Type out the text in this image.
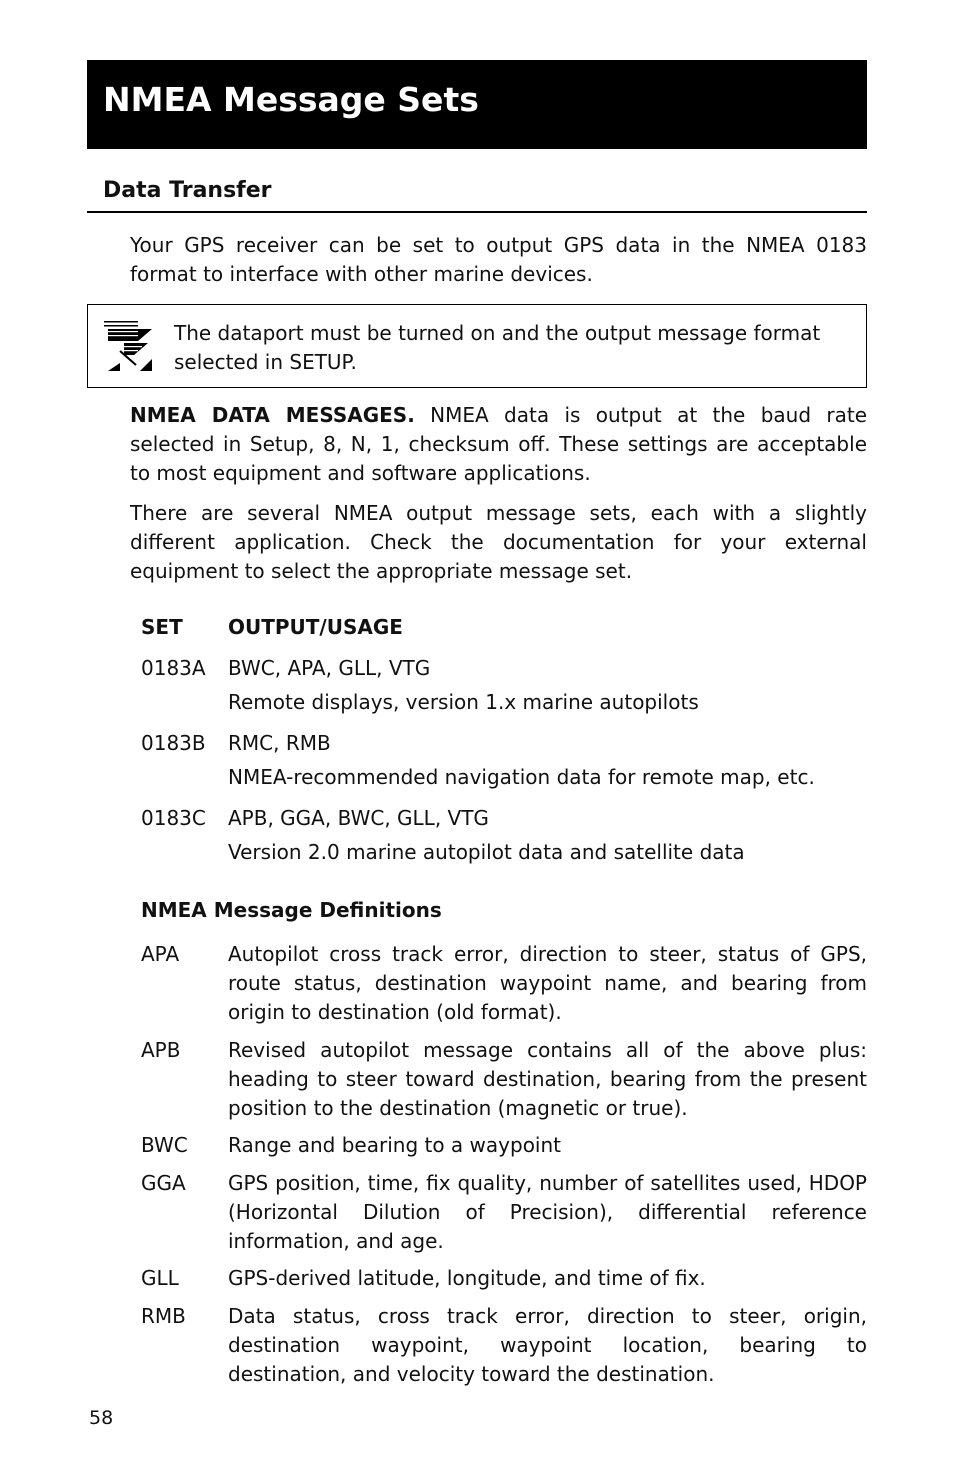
NMEA Message Sets
Data Transfer

Your GPS receiver can be set to output GPS data in the NMEA 0183 format to interface with other marine devices.

The dataport must be turned on and the output message format selected in SETUP.

NMEA DATA MESSAGES. NMEA data is output at the baud rate selected in Setup, 8, N, 1, checksum off. These settings are acceptable to most equipment and software applications.

There are several NMEA output message sets, each with a slightly different application. Check the documentation for your external equipment to select the appropriate message set.

SET OUTPUT/USAGE
0183A BWC, APA, GLL, VTG
Remote displays, version 1.x marine autopilots
0183B RMC, RMB
NMEA-recommended navigation data for remote map, etc.
0183C APB, GGA, BWC, GLL, VTG
Version 2.0 marine autopilot data and satellite data
NMEA Message Definitions
APA Autopilot cross track error, direction to steer, status of GPS, route status, destination waypoint name, and bearing from origin to destination (old format).
APB Revised autopilot message contains all of the above plus: heading to steer toward destination, bearing from the present position to the destination (magnetic or true).
BWC Range and bearing to a waypoint
GGA GPS position, time, fix quality, number of satellites used, HDOP (Horizontal Dilution of Precision), differential reference information, and age.
GLL GPS-derived latitude, longitude, and time of fix.
RMB Data status, cross track error, direction to steer, origin, destination waypoint, waypoint location, bearing to destination, and velocity toward the destination.
58
